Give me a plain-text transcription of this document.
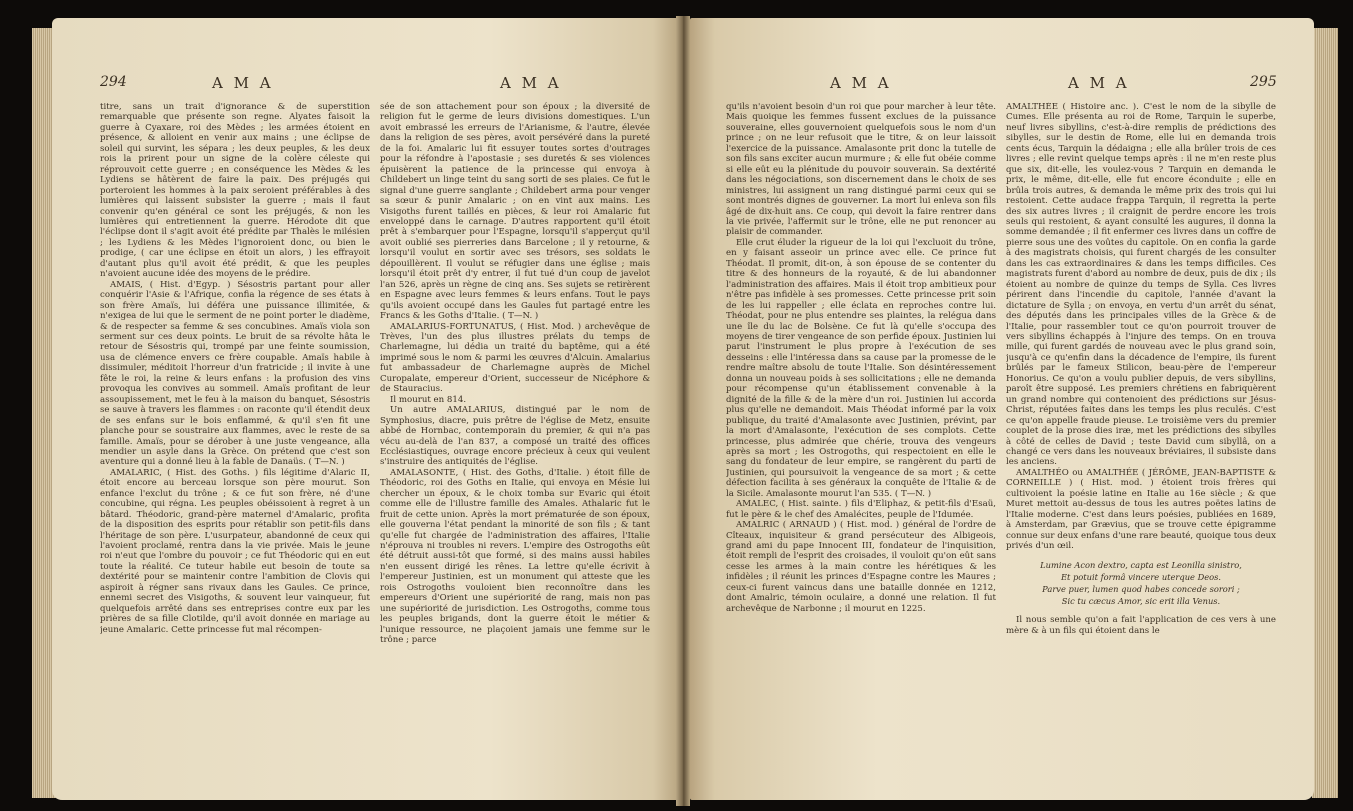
294	A M A	A M A

titre, sans un trait d'ignorance & de superstition remarquable que présente son regne. Alyates faisoit la guerre à Cyaxare, roi des Mèdes ; les armées étoient en présence, & alloient en venir aux mains ; une éclipse de soleil qui survint, les sépara ; les deux peuples, & les deux rois la prirent pour un signe de la colère céleste qui réprouvoit cette guerre ; en conséquence les Mèdes & les Lydiens se hâtèrent de faire la paix. Des préjugés qui porteroient les hommes à la paix seroient préférables à des lumières qui laissent subsister la guerre ; mais il faut convenir qu'en général ce sont les préjugés, & non les lumières qui entretiennent la guerre. Hérodote dit que l'éclipse dont il s'agit avoit été prédite par Thalès le milésien ; les Lydiens & les Mèdes l'ignoroient donc, ou bien le prodige, ( car une éclipse en étoit un alors, ) les effrayoit d'autant plus qu'il avoit été prédit, & que les peuples n'avoient aucune idée des moyens de le prédire.

AMAIS, ( Hist. d'Egyp. ) Sésostris partant pour aller conquérir l'Asie & l'Afrique, confia la régence de ses états à son frère Amaïs, lui déféra une puissance illimitée, & n'exigea de lui que le serment de ne point porter le diadème, & de respecter sa femme & ses concubines. Amaïs viola son serment sur ces deux points. Le bruit de sa révolte hâta le retour de Sésostris qui, trompé par une feinte soumission, usa de clémence envers ce frère coupable. Amaïs habile à dissimuler, méditoit l'horreur d'un fratricide ; il invite à une fête le roi, la reine & leurs enfans : la profusion des vins provoqua les convives au sommeil. Amaïs profitant de leur assoupissement, met le feu à la maison du banquet, Sésostris se sauve à travers les flammes : on raconte qu'il étendit deux de ses enfans sur le bois enflammé, & qu'il s'en fit une planche pour se soustraire aux flammes, avec le reste de sa famille. Amaïs, pour se dérober à une juste vengeance, alla mendier un asyle dans la Grèce. On prétend que c'est son aventure qui a donné lieu à la fable de Danaüs. ( T—N. )

AMALARIC, ( Hist. des Goths. ) fils légitime d'Alaric II, étoit encore au berceau lorsque son père mourut. Son enfance l'exclut du trône ; & ce fut son frère, né d'une concubine, qui régna. Les peuples obéissoient à regret à un bâtard. Théodoric, grand-père maternel d'Amalaric, profita de la disposition des esprits pour rétablir son petit-fils dans l'héritage de son père. L'usurpateur, abandonné de ceux qui l'avoient proclamé, rentra dans la vie privée. Mais le jeune roi n'eut que l'ombre du pouvoir ; ce fut Théodoric qui en eut toute la réalité. Ce tuteur habile eut besoin de toute sa dextérité pour se maintenir contre l'ambition de Clovis qui aspiroit à régner sans rivaux dans les Gaules. Ce prince, ennemi secret des Visigoths, & souvent leur vainqueur, fut quelquefois arrêté dans ses entreprises contre eux par les prières de sa fille Clotilde, qu'il avoit donnée en mariage au jeune Amalaric. Cette princesse fut mal récompen-

sée de son attachement pour son époux ; la diversité de religion fut le germe de leurs divisions domestiques. L'un avoit embrassé les erreurs de l'Arianisme, & l'autre, élevée dans la religion de ses pères, avoit persévéré dans la pureté de la foi. Amalaric lui fit essuyer toutes sortes d'outrages pour la réfondre à l'apostasie ; ses duretés & ses violences épuisèrent la patience de la princesse qui envoya à Childebert un linge teint du sang sorti de ses plaies. Ce fut le signal d'une guerre sanglante ; Childebert arma pour venger sa sœur & punir Amalaric ; on en vint aux mains. Les Visigoths furent taillés en pièces, & leur roi Amalaric fut enveloppé dans le carnage. D'autres rapportent qu'il étoit prêt à s'embarquer pour l'Espagne, lorsqu'il s'apperçut qu'il avoit oublié ses pierreries dans Barcelone ; il y retourne, & lorsqu'il voulut en sortir avec ses trésors, ses soldats le dépouillèrent. Il voulut se réfugier dans une église ; mais lorsqu'il étoit prêt d'y entrer, il fut tué d'un coup de javelot l'an 526, après un règne de cinq ans. Ses sujets se retirèrent en Espagne avec leurs femmes & leurs enfans. Tout le pays qu'ils avoient occupé dans les Gaules fut partagé entre les Francs & les Goths d'Italie. ( T—N. )

AMALARIUS-FORTUNATUS, ( Hist. Mod. ) archevêque de Trèves, l'un des plus illustres prélats du temps de Charlemagne, lui dédia un traité du baptême, qui a été imprimé sous le nom & parmi les œuvres d'Alcuin. Amalarius fut ambassadeur de Charlemagne auprès de Michel Curopalate, empereur d'Orient, successeur de Nicéphore & de Stauracius.

Il mourut en 814.

Un autre AMALARIUS, distingué par le nom de Symphosius, diacre, puis prêtre de l'église de Metz, ensuite abbé de Hornbac, contemporain du premier, & qui n'a pas vécu au-delà de l'an 837, a composé un traité des offices Ecclésiastiques, ouvrage encore précieux à ceux qui veulent s'instruire des antiquités de l'église.

AMALASONTE, ( Hist. des Goths, d'Italie. ) étoit fille de Théodoric, roi des Goths en Italie, qui envoya en Mésie lui chercher un époux, & le choix tomba sur Evaric qui étoit comme elle de l'illustre famille des Amales. Athalaric fut le fruit de cette union. Après la mort prématurée de son époux, elle gouverna l'état pendant la minorité de son fils ; & tant qu'elle fut chargée de l'administration des affaires, l'Italie n'éprouva ni troubles ni revers. L'empire des Ostrogoths eût été détruit aussi-tôt que formé, si des mains aussi habiles n'en eussent dirigé les rênes. La lettre qu'elle écrivit à l'empereur Justinien, est un monument qui atteste que les rois Ostrogoths vouloient bien reconnoître dans les empereurs d'Orient une supériorité de rang, mais non pas une supériorité de jurisdiction. Les Ostrogoths, comme tous les peuples brigands, dont la guerre étoit le métier & l'unique ressource, ne plaçoient jamais une femme sur le trône ; parce

A M A	A M A	295

qu'ils n'avoient besoin d'un roi que pour marcher à leur tête. Mais quoique les femmes fussent exclues de la puissance souveraine, elles gouvernoient quelquefois sous le nom d'un prince ; on ne leur refusoit que le titre, & on leur laissoit l'exercice de la puissance. Amalasonte prit donc la tutelle de son fils sans exciter aucun murmure ; & elle fut obéie comme si elle eût eu la plénitude du pouvoir souverain. Sa dextérité dans les négociations, son discernement dans le choix de ses ministres, lui assignent un rang distingué parmi ceux qui se sont montrés dignes de gouverner. La mort lui enleva son fils âgé de dix-huit ans. Ce coup, qui devoit la faire rentrer dans la vie privée, l'affermit sur le trône, elle ne put renoncer au plaisir de commander.

Elle crut éluder la rigueur de la loi qui l'excluoit du trône, en y faisant asseoir un prince avec elle. Ce prince fut Théodat. Il promit, dit-on, à son épouse de se contenter du titre & des honneurs de la royauté, & de lui abandonner l'administration des affaires. Mais il étoit trop ambitieux pour n'être pas infidèle à ses promesses. Cette princesse prit soin de les lui rappeller ; elle éclata en reproches contre lui. Théodat, pour ne plus entendre ses plaintes, la relégua dans une île du lac de Bolsène. Ce fut là qu'elle s'occupa des moyens de tirer vengeance de son perfide époux. Justinien lui parut l'instrument le plus propre à l'exécution de ses desseins : elle l'intéressa dans sa cause par la promesse de le rendre maître absolu de toute l'Italie. Son désintéressement donna un nouveau poids à ses sollicitations ; elle ne demanda pour récompense qu'un établissement convenable à la dignité de la fille & de la mère d'un roi. Justinien lui accorda plus qu'elle ne demandoit. Mais Théodat informé par la voix publique, du traité d'Amalasonte avec Justinien, prévint, par la mort d'Amalasonte, l'exécution de ses complots. Cette princesse, plus admirée que chérie, trouva des vengeurs après sa mort ; les Ostrogoths, qui respectoient en elle le sang du fondateur de leur empire, se rangèrent du parti de Justinien, qui poursuivoit la vengeance de sa mort ; & cette défection facilita à ses généraux la conquête de l'Italie & de la Sicile. Amalasonte mourut l'an 535. ( T—N. )

AMALEC, ( Hist. sainte. ) fils d'Eliphaz, & petit-fils d'Esaü, fut le père & le chef des Amalécites, peuple de l'Idumée.

AMALRIC ( ARNAUD ) ( Hist. mod. ) général de l'ordre de Cîteaux, inquisiteur & grand persécuteur des Albigeois, grand ami du pape Innocent III, fondateur de l'inquisition, étoit rempli de l'esprit des croisades, il vouloit qu'on eût sans cesse les armes à la main contre les hérétiques & les infidèles ; il réunit les princes d'Espagne contre les Maures ; ceux-ci furent vaincus dans une bataille donnée en 1212, dont Amalric, témoin oculaire, a donné une relation. Il fut archevêque de Narbonne ; il mourut en 1225.

AMALTHÉE ( Histoire anc. ). C'est le nom de la sibylle de Cumes. Elle présenta au roi de Rome, Tarquin le superbe, neuf livres sibyllins, c'est-à-dire remplis de prédictions des sibylles, sur le destin de Rome, elle lui en demanda trois cents écus, Tarquin la dédaigna ; elle alla brûler trois de ces livres ; elle revint quelque temps après : il ne m'en reste plus que six, dit-elle, les voulez-vous ? Tarquin en demanda le prix, le même, dit-elle, elle fut encore éconduite ; elle en brûla trois autres, & demanda le même prix des trois qui lui restoient. Cette audace frappa Tarquin, il regretta la perte des six autres livres ; il craignit de perdre encore les trois seuls qui restoient, & ayant consulté les augures, il donna la somme demandée ; il fit enfermer ces livres dans un coffre de pierre sous une des voûtes du capitole. On en confia la garde à des magistrats choisis, qui furent chargés de les consulter dans les cas extraordinaires & dans les temps difficiles. Ces magistrats furent d'abord au nombre de deux, puis de dix ; ils étoient au nombre de quinze du temps de Sylla. Ces livres périrent dans l'incendie du capitole, l'année d'avant la dictature de Sylla ; on envoya, en vertu d'un arrêt du sénat, des députés dans les principales villes de la Grèce & de l'Italie, pour rassembler tout ce qu'on pourroit trouver de vers sibyllins échappés à l'injure des temps. On en trouva mille, qui furent gardés de nouveau avec le plus grand soin, jusqu'à ce qu'enfin dans la décadence de l'empire, ils furent brûlés par le fameux Stilicon, beau-père de l'empereur Honorius. Ce qu'on a voulu publier depuis, de vers sibyllins, paroît être supposé. Les premiers chrétiens en fabriquèrent un grand nombre qui contenoient des prédictions sur Jésus-Christ, réputées faites dans les temps les plus reculés. C'est ce qu'on appelle fraude pieuse. Le troisième vers du premier couplet de la prose dies iræ, met les prédictions des sibylles à côté de celles de David ; teste David cum sibyllâ, on a changé ce vers dans les nouveaux bréviaires, il subsiste dans les anciens.

AMALTHÉO ou AMALTHÉE ( JÉRÔME, JEAN-BAPTISTE & CORNEILLE ) ( Hist. mod. ) étoient trois frères qui cultivoient la poésie latine en Italie au 16e siècle ; & que Muret mettoit au-dessus de tous les autres poëtes latins de l'Italie moderne. C'est dans leurs poésies, publiées en 1689, à Amsterdam, par Grævius, que se trouve cette épigramme connue sur deux enfans d'une rare beauté, quoique tous deux privés d'un œil.

Lumine Acon dextro, capta est Leonilla sinistro,
Et potuit formâ vincere uterque Deos.
Parve puer, lumen quod habes concede sorori ;
Sic tu cæcus Amor, sic erit illa Venus.

Il nous semble qu'on a fait l'application de ces vers à une mère & à un fils qui étoient dans le
